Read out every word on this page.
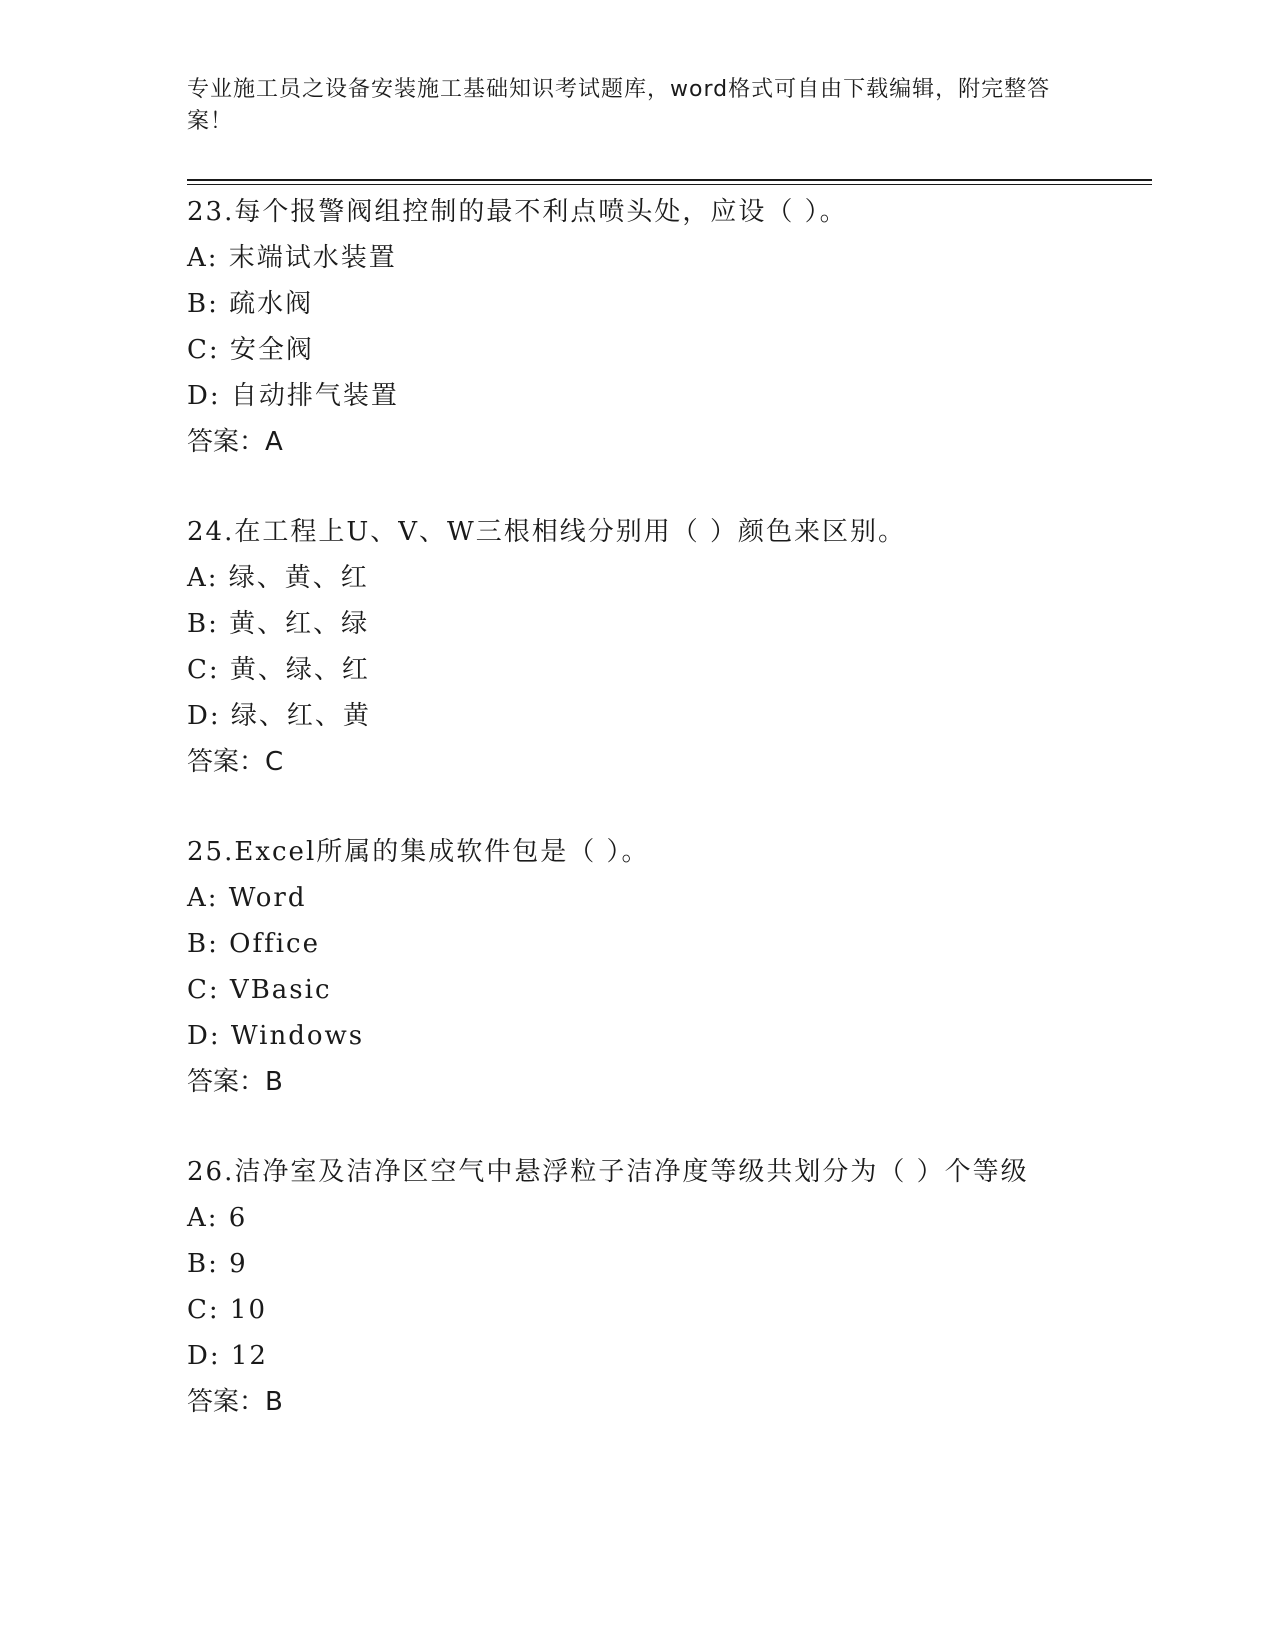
专业施工员之设备安装施工基础知识考试题库，word格式可自由下载编辑，附完整答案！
23.每个报警阀组控制的最不利点喷头处，应设（ ）。
A: 末端试水装置
B: 疏水阀
C: 安全阀
D: 自动排气装置
答案：A
24.在工程上U、V、W三根相线分别用（ ）颜色来区别。
A: 绿、黄、红
B: 黄、红、绿
C: 黄、绿、红
D: 绿、红、黄
答案：C
25.Excel所属的集成软件包是（ ）。
A: Word
B: Office
C: VBasic
D: Windows
答案：B
26.洁净室及洁净区空气中悬浮粒子洁净度等级共划分为（ ）个等级
A: 6
B: 9
C: 10
D: 12
答案：B
